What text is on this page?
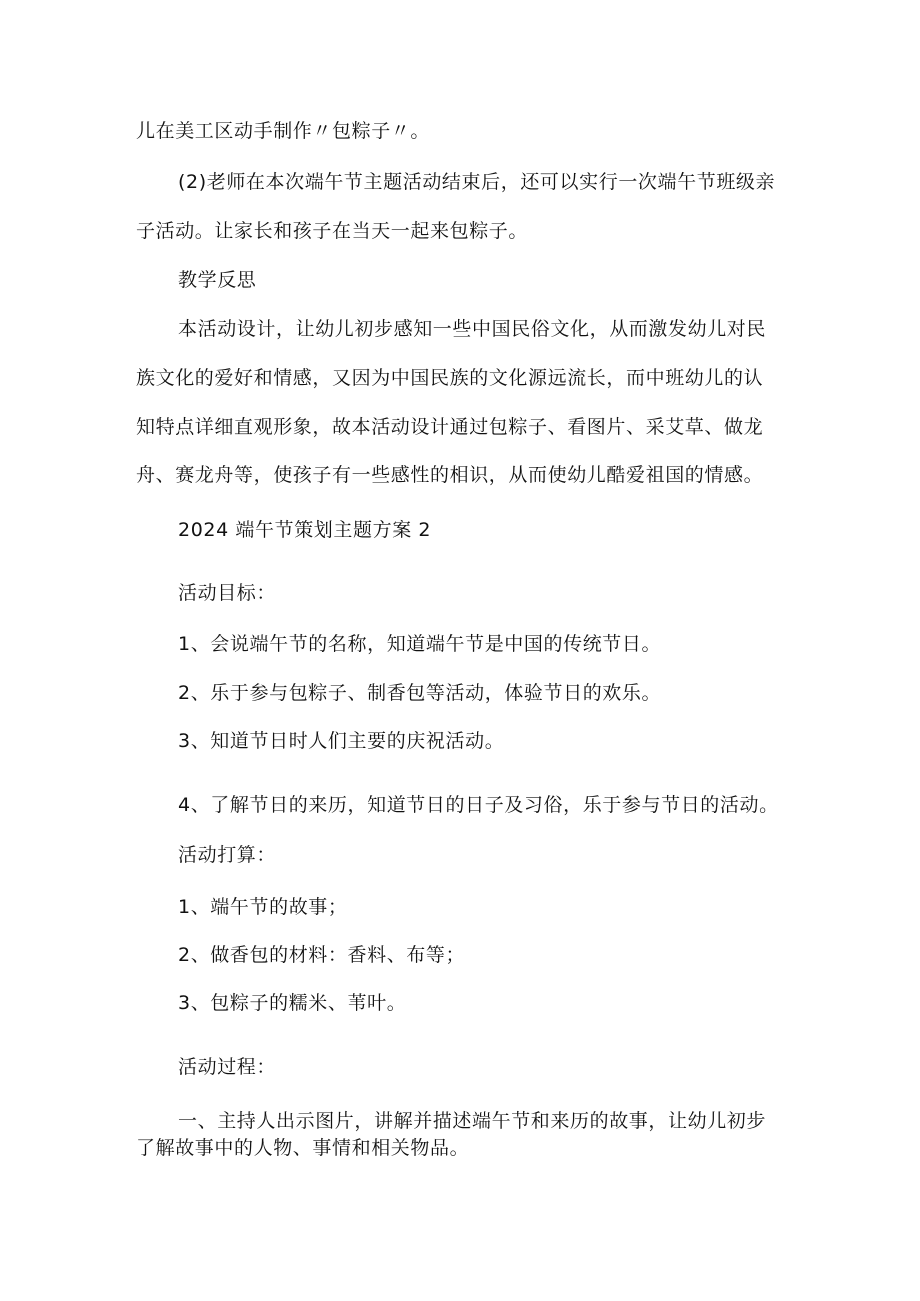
儿在美工区动手制作〃包粽子〃。
(2)老师在本次端午节主题活动结束后，还可以实行一次端午节班级亲
子活动。让家长和孩子在当天一起来包粽子。
教学反思
本活动设计，让幼儿初步感知一些中国民俗文化，从而激发幼儿对民
族文化的爱好和情感，又因为中国民族的文化源远流长，而中班幼儿的认
知特点详细直观形象，故本活动设计通过包粽子、看图片、采艾草、做龙
舟、赛龙舟等，使孩子有一些感性的相识，从而使幼儿酷爱祖国的情感。
2024 端午节策划主题方案 2
活动目标：
1、会说端午节的名称，知道端午节是中国的传统节日。
2、乐于参与包粽子、制香包等活动，体验节日的欢乐。
3、知道节日时人们主要的庆祝活动。
4、了解节日的来历，知道节日的日子及习俗，乐于参与节日的活动。
活动打算：
1、端午节的故事；
2、做香包的材料：香料、布等；
3、包粽子的糯米、苇叶。
活动过程：
一、主持人出示图片，讲解并描述端午节和来历的故事，让幼儿初步
了解故事中的人物、事情和相关物品。
